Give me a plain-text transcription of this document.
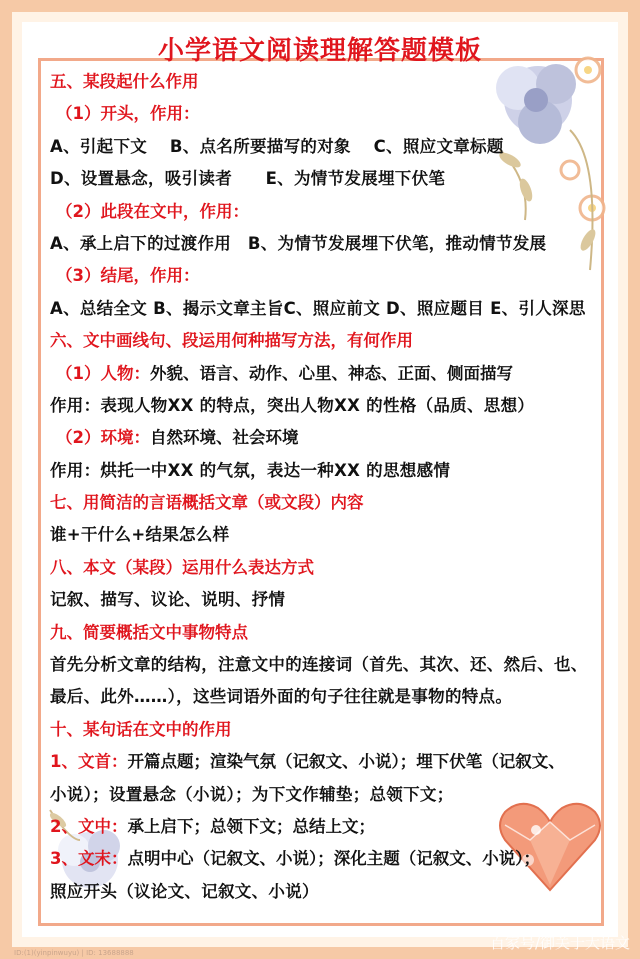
小学语文阅读理解答题模板
五、某段起什么作用
（1）开头，作用：
A、引起下文　 B、点名所要描写的对象　 C、照应文章标题
D、设置悬念，吸引读者　　E、为情节发展埋下伏笔
（2）此段在文中，作用：
A、承上启下的过渡作用　B、为情节发展埋下伏笔，推动情节发展
（3）结尾，作用：
A、总结全文 B、揭示文章主旨C、照应前文 D、照应题目 E、引人深思
六、文中画线句、段运用何种描写方法，有何作用
（1）人物：外貌、语言、动作、心里、神态、正面、侧面描写
作用：表现人物XX 的特点，突出人物XX 的性格（品质、思想）
（2）环境：自然环境、社会环境
作用：烘托一中XX 的气氛，表达一种XX 的思想感情
七、用简洁的言语概括文章（或文段）内容
谁+干什么+结果怎么样
八、本文（某段）运用什么表达方式
记叙、描写、议论、说明、抒情
九、简要概括文中事物特点
首先分析文章的结构，注意文中的连接词（首先、其次、还、然后、也、
最后、此外……），这些词语外面的句子往往就是事物的特点。
十、某句话在文中的作用
1、文首：开篇点题；渲染气氛（记叙文、小说）；埋下伏笔（记叙文、
小说）；设置悬念（小说）；为下文作辅垫；总领下文；
2、文中：承上启下；总领下文；总结上文；
3、文末：点明中心（记叙文、小说）；深化主题（记叙文、小说）；
照应开头（议论文、记叙文、小说）
百家号/御关于大语文
ID:(1)(yinpinwuyu) | ID: 13688888
